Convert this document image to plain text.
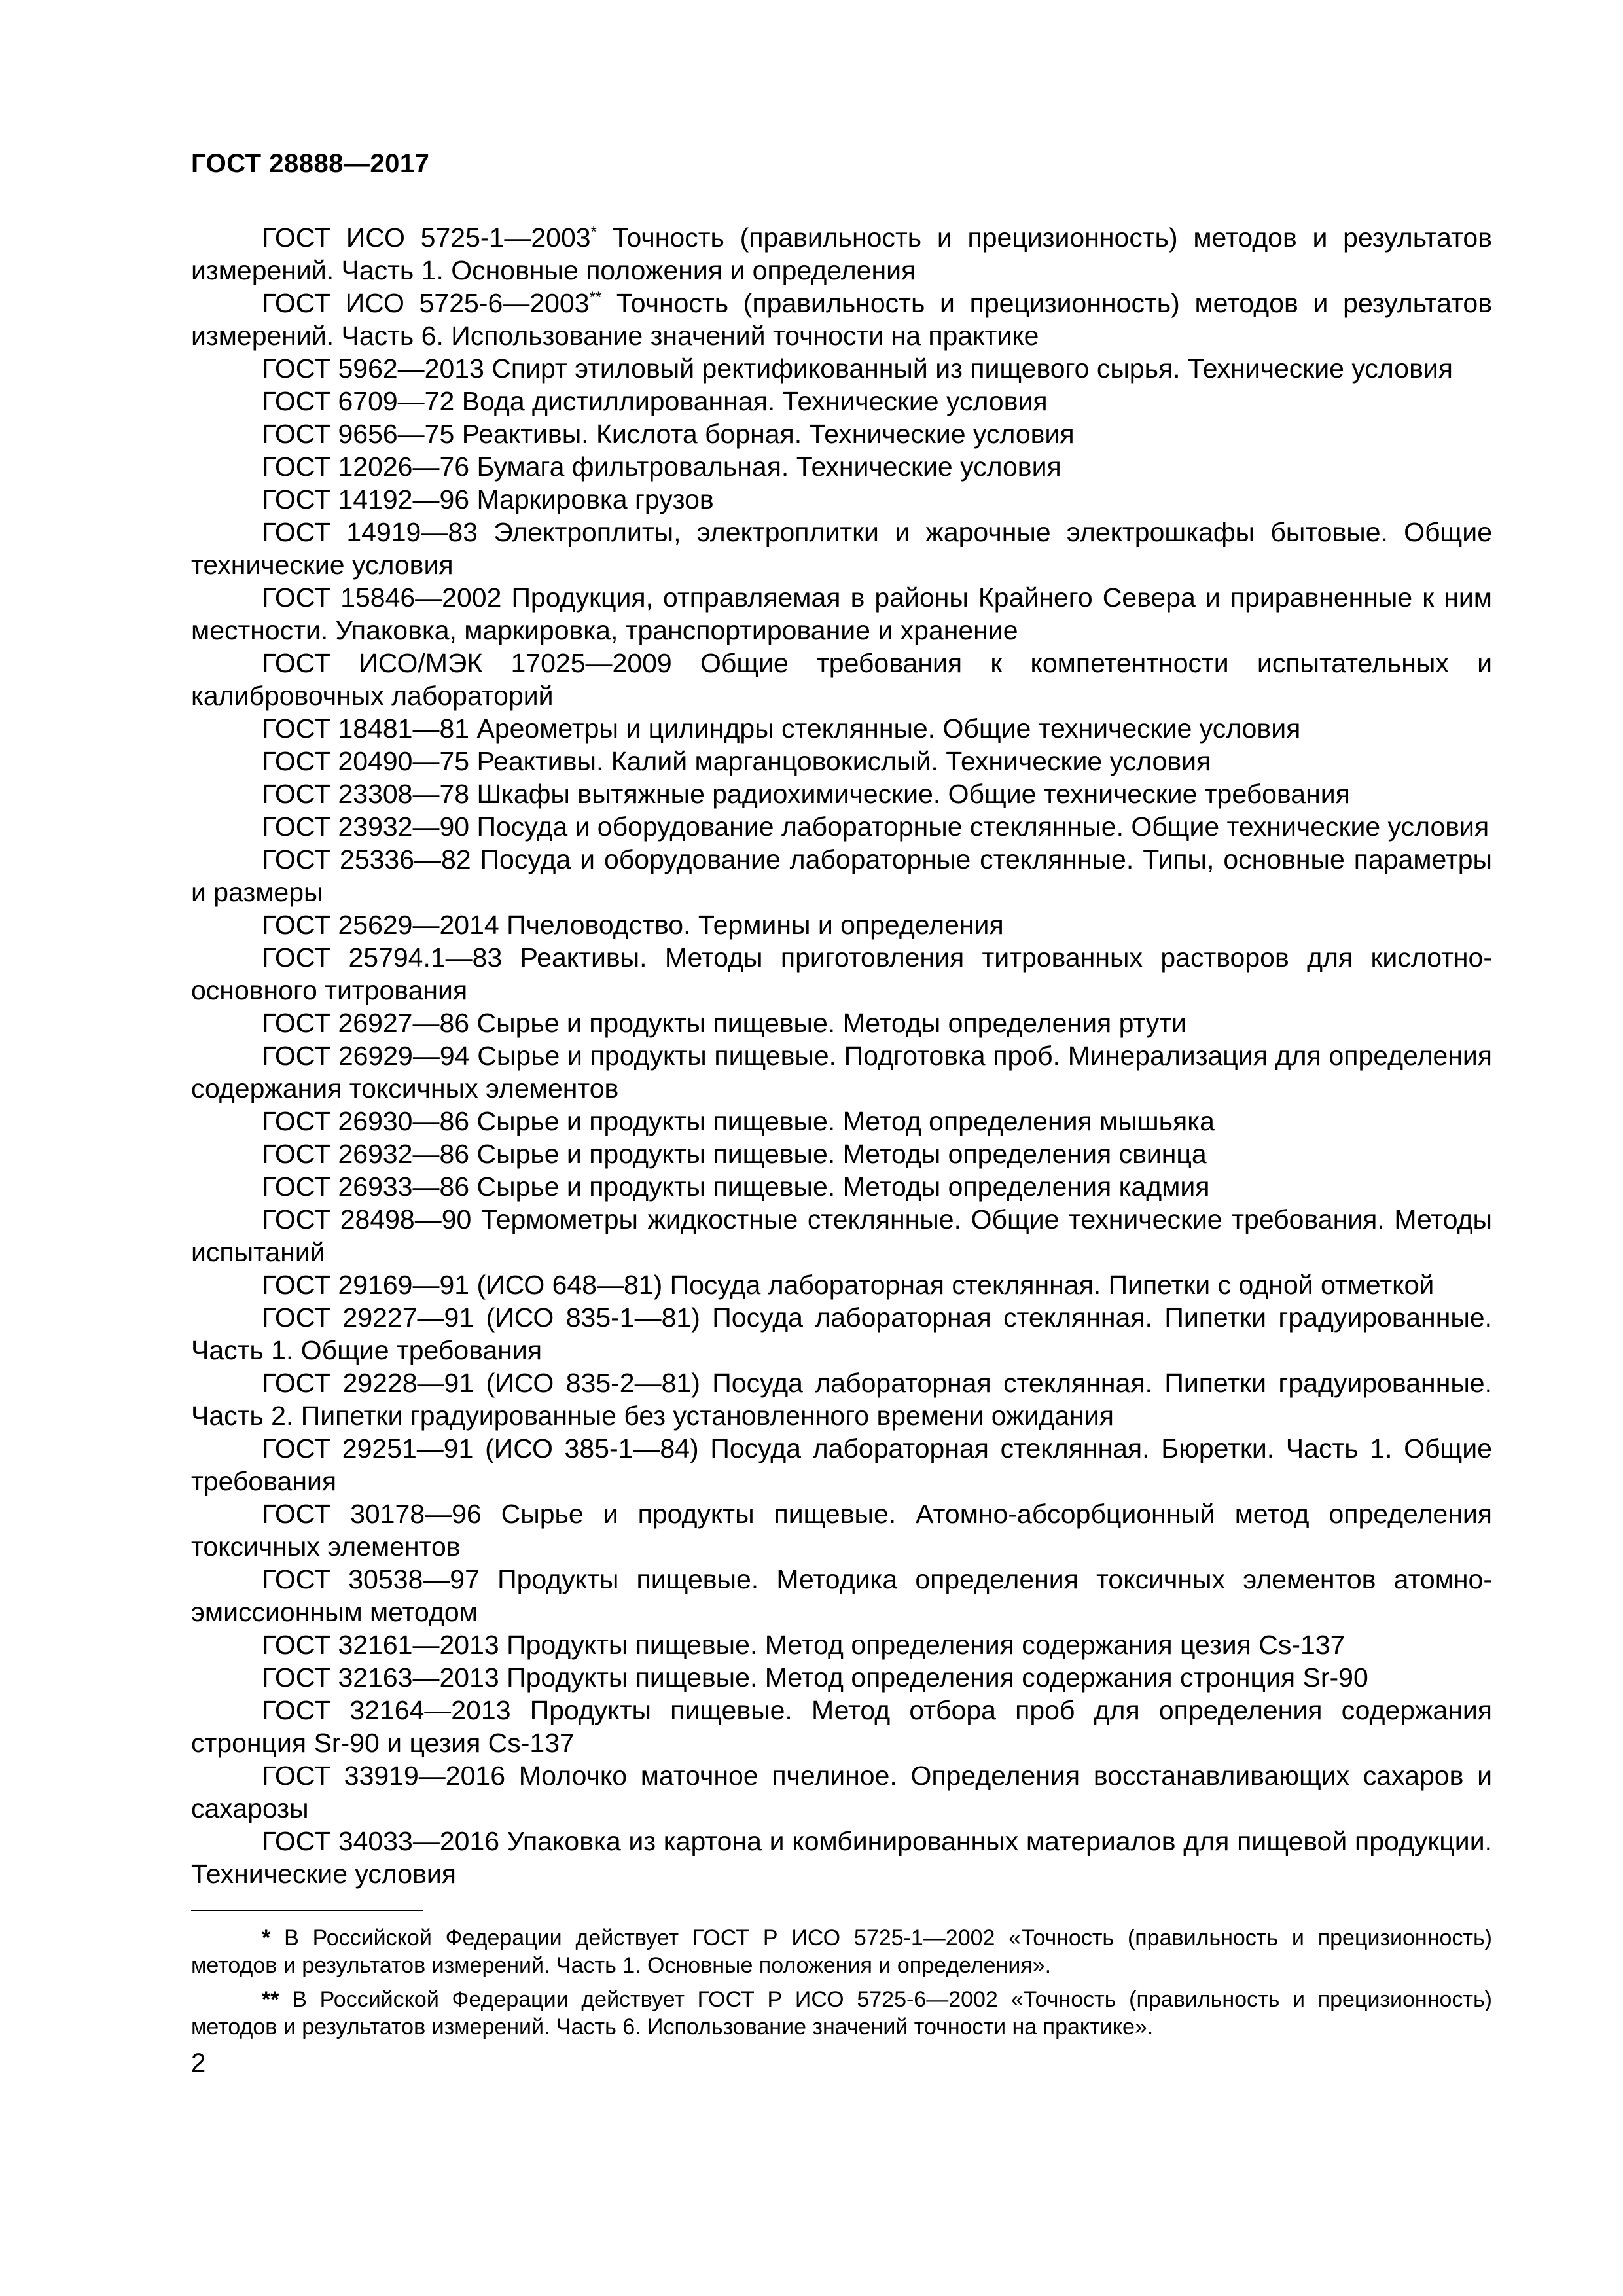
ГОСТ 28888—2017

ГОСТ ИСО 5725-1—2003* Точность (правильность и прецизионность) методов и результатов измерений. Часть 1. Основные положения и определения

ГОСТ ИСО 5725-6—2003** Точность (правильность и прецизионность) методов и результатов измерений. Часть 6. Использование значений точности на практике

ГОСТ 5962—2013 Спирт этиловый ректификованный из пищевого сырья. Технические условия

ГОСТ 6709—72 Вода дистиллированная. Технические условия

ГОСТ 9656—75 Реактивы. Кислота борная. Технические условия

ГОСТ 12026—76 Бумага фильтровальная. Технические условия

ГОСТ 14192—96 Маркировка грузов

ГОСТ 14919—83 Электроплиты, электроплитки и жарочные электрошкафы бытовые. Общие технические условия

ГОСТ 15846—2002 Продукция, отправляемая в районы Крайнего Севера и приравненные к ним местности. Упаковка, маркировка, транспортирование и хранение

ГОСТ ИСО/МЭК 17025—2009 Общие требования к компетентности испытательных и калибровочных лабораторий

ГОСТ 18481—81 Ареометры и цилиндры стеклянные. Общие технические условия

ГОСТ 20490—75 Реактивы. Калий марганцовокислый. Технические условия

ГОСТ 23308—78 Шкафы вытяжные радиохимические. Общие технические требования

ГОСТ 23932—90 Посуда и оборудование лабораторные стеклянные. Общие технические условия

ГОСТ 25336—82 Посуда и оборудование лабораторные стеклянные. Типы, основные параметры и размеры

ГОСТ 25629—2014 Пчеловодство. Термины и определения

ГОСТ 25794.1—83 Реактивы. Методы приготовления титрованных растворов для кислотно-основного титрования

ГОСТ 26927—86 Сырье и продукты пищевые. Методы определения ртути

ГОСТ 26929—94 Сырье и продукты пищевые. Подготовка проб. Минерализация для определения содержания токсичных элементов

ГОСТ 26930—86 Сырье и продукты пищевые. Метод определения мышьяка

ГОСТ 26932—86 Сырье и продукты пищевые. Методы определения свинца

ГОСТ 26933—86 Сырье и продукты пищевые. Методы определения кадмия

ГОСТ 28498—90 Термометры жидкостные стеклянные. Общие технические требования. Методы испытаний

ГОСТ 29169—91 (ИСО 648—81) Посуда лабораторная стеклянная. Пипетки с одной отметкой

ГОСТ 29227—91 (ИСО 835-1—81) Посуда лабораторная стеклянная. Пипетки градуированные. Часть 1. Общие требования

ГОСТ 29228—91 (ИСО 835-2—81) Посуда лабораторная стеклянная. Пипетки градуированные. Часть 2. Пипетки градуированные без установленного времени ожидания

ГОСТ 29251—91 (ИСО 385-1—84) Посуда лабораторная стеклянная. Бюретки. Часть 1. Общие требования

ГОСТ 30178—96 Сырье и продукты пищевые. Атомно-абсорбционный метод определения токсичных элементов

ГОСТ 30538—97 Продукты пищевые. Методика определения токсичных элементов атомно-эмиссионным методом

ГОСТ 32161—2013 Продукты пищевые. Метод определения содержания цезия Cs-137

ГОСТ 32163—2013 Продукты пищевые. Метод определения содержания стронция Sr-90

ГОСТ 32164—2013 Продукты пищевые. Метод отбора проб для определения содержания стронция Sr-90 и цезия Cs-137

ГОСТ 33919—2016 Молочко маточное пчелиное. Определения восстанавливающих сахаров и сахарозы

ГОСТ 34033—2016 Упаковка из картона и комбинированных материалов для пищевой продукции. Технические условия

* В Российской Федерации действует ГОСТ Р ИСО 5725-1—2002 «Точность (правильность и прецизионность) методов и результатов измерений. Часть 1. Основные положения и определения».

** В Российской Федерации действует ГОСТ Р ИСО 5725-6—2002 «Точность (правильность и прецизионность) методов и результатов измерений. Часть 6. Использование значений точности на практике».

2
